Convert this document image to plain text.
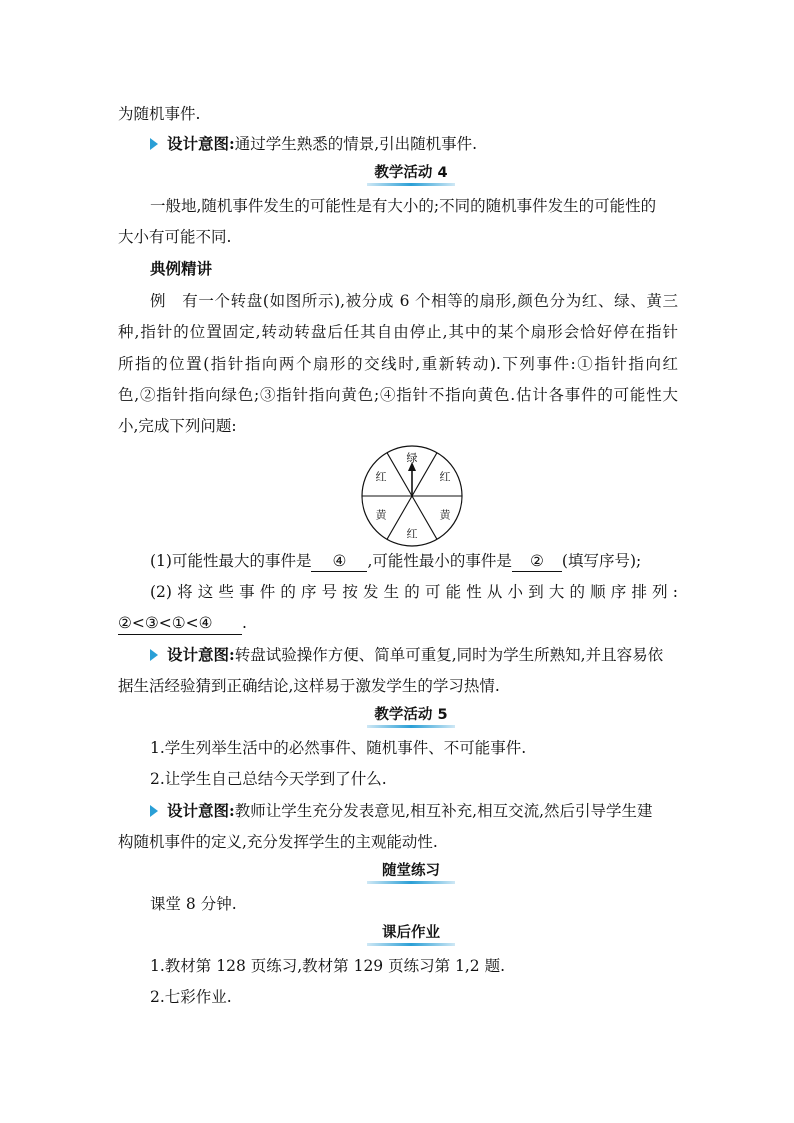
为随机事件.
设计意图:通过学生熟悉的情景,引出随机事件.
教学活动 4
一般地,随机事件发生的可能性是有大小的;不同的随机事件发生的可能性的
大小有可能不同.
典例精讲
例　有一个转盘(如图所示),被分成 6 个相等的扇形,颜色分为红、绿、黄三
种,指针的位置固定,转动转盘后任其自由停止,其中的某个扇形会恰好停在指针
所指的位置(指针指向两个扇形的交线时,重新转动).下列事件:①指针指向红
色,②指针指向绿色;③指针指向黄色;④指针不指向黄色.估计各事件的可能性大
小,完成下列问题:
绿
红
黄
红
黄
红
(1)可能性最大的事件是 ④ ,可能性最小的事件是 ② (填写序号);
(2)将这些事件的序号按发生的可能性从小到大的顺序排列:
②<③<①<④ .
设计意图:转盘试验操作方便、简单可重复,同时为学生所熟知,并且容易依
据生活经验猜到正确结论,这样易于激发学生的学习热情.
教学活动 5
1.学生列举生活中的必然事件、随机事件、不可能事件.
2.让学生自己总结今天学到了什么.
设计意图:教师让学生充分发表意见,相互补充,相互交流,然后引导学生建
构随机事件的定义,充分发挥学生的主观能动性.
随堂练习
课堂 8 分钟.
课后作业
1.教材第 128 页练习,教材第 129 页练习第 1,2 题.
2.七彩作业.
